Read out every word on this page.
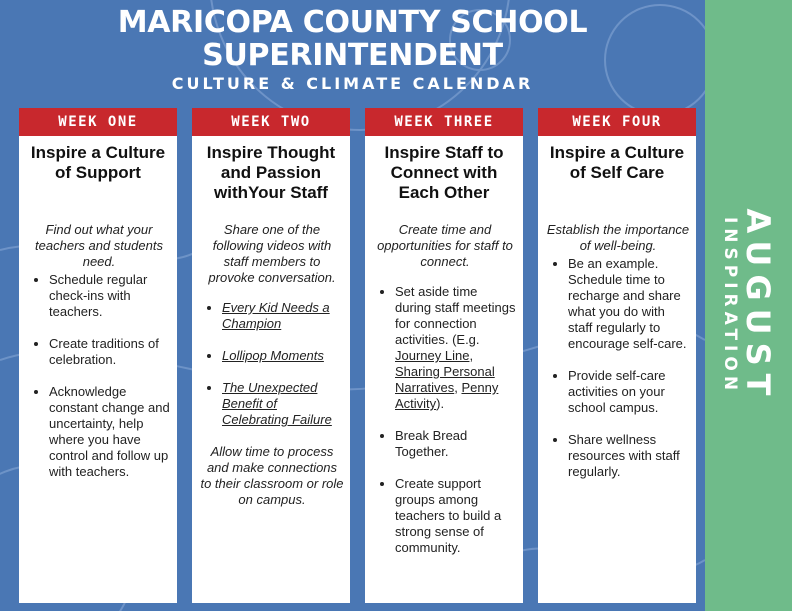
MARICOPA COUNTY SCHOOL
SUPERINTENDENT
CULTURE & CLIMATE CALENDAR
WEEK ONE
Inspire a Culture of Support
Find out what your teachers and students need.
• Schedule regular check-ins with teachers.
• Create traditions of celebration.
• Acknowledge constant change and uncertainty, help where you have control and follow up with teachers.
WEEK TWO
Inspire Thought and Passion withYour Staff
Share one of the following videos with staff members to provoke conversation.
• Every Kid Needs a Champion
• Lollipop Moments
• The Unexpected Benefit of Celebrating Failure
Allow time to process and make connections to their classroom or role on campus.
WEEK THREE
Inspire Staff to Connect with Each Other
Create time and opportunities for staff to connect.
• Set aside time during staff meetings for connection activities. (E.g. Journey Line, Sharing Personal Narratives, Penny Activity).
• Break Bread Together.
• Create support groups among teachers to build a strong sense of community.
WEEK FOUR
Inspire a Culture of Self Care
Establish the importance of well-being.
• Be an example. Schedule time to recharge and share what you do with staff regularly to encourage self-care.
• Provide self-care activities on your school campus.
• Share wellness resources with staff regularly.
AUGUST
INSPIRATION
